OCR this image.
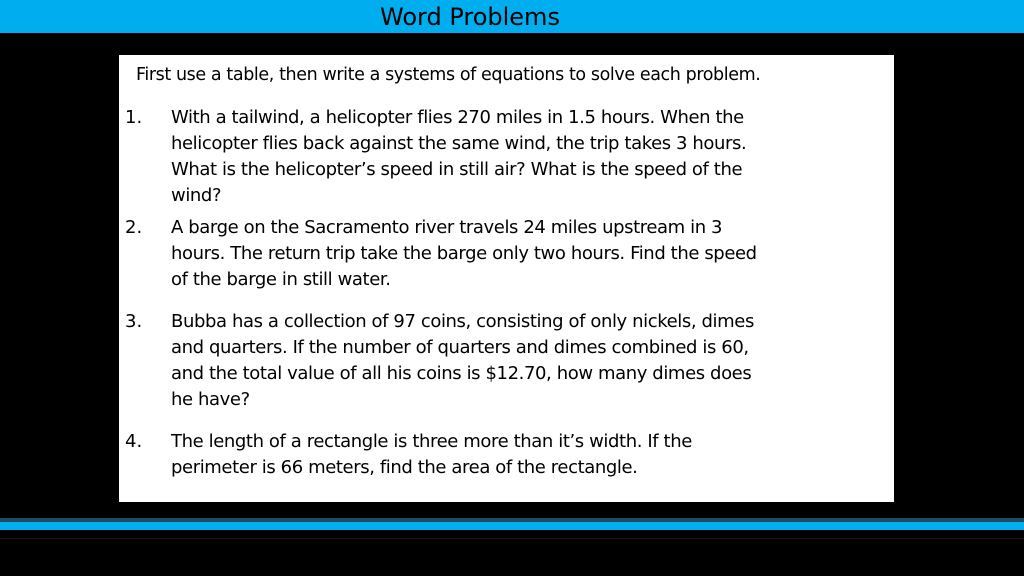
Word Problems
First use a table, then write a systems of equations to solve each problem.
1. With a tailwind, a helicopter flies 270 miles in 1.5 hours. When the
helicopter flies back against the same wind, the trip takes 3 hours.
What is the helicopter’s speed in still air? What is the speed of the
wind?
2. A barge on the Sacramento river travels 24 miles upstream in 3
hours. The return trip take the barge only two hours. Find the speed
of the barge in still water.
3. Bubba has a collection of 97 coins, consisting of only nickels, dimes
and quarters. If the number of quarters and dimes combined is 60,
and the total value of all his coins is $12.70, how many dimes does
he have?
4. The length of a rectangle is three more than it’s width. If the
perimeter is 66 meters, find the area of the rectangle.
